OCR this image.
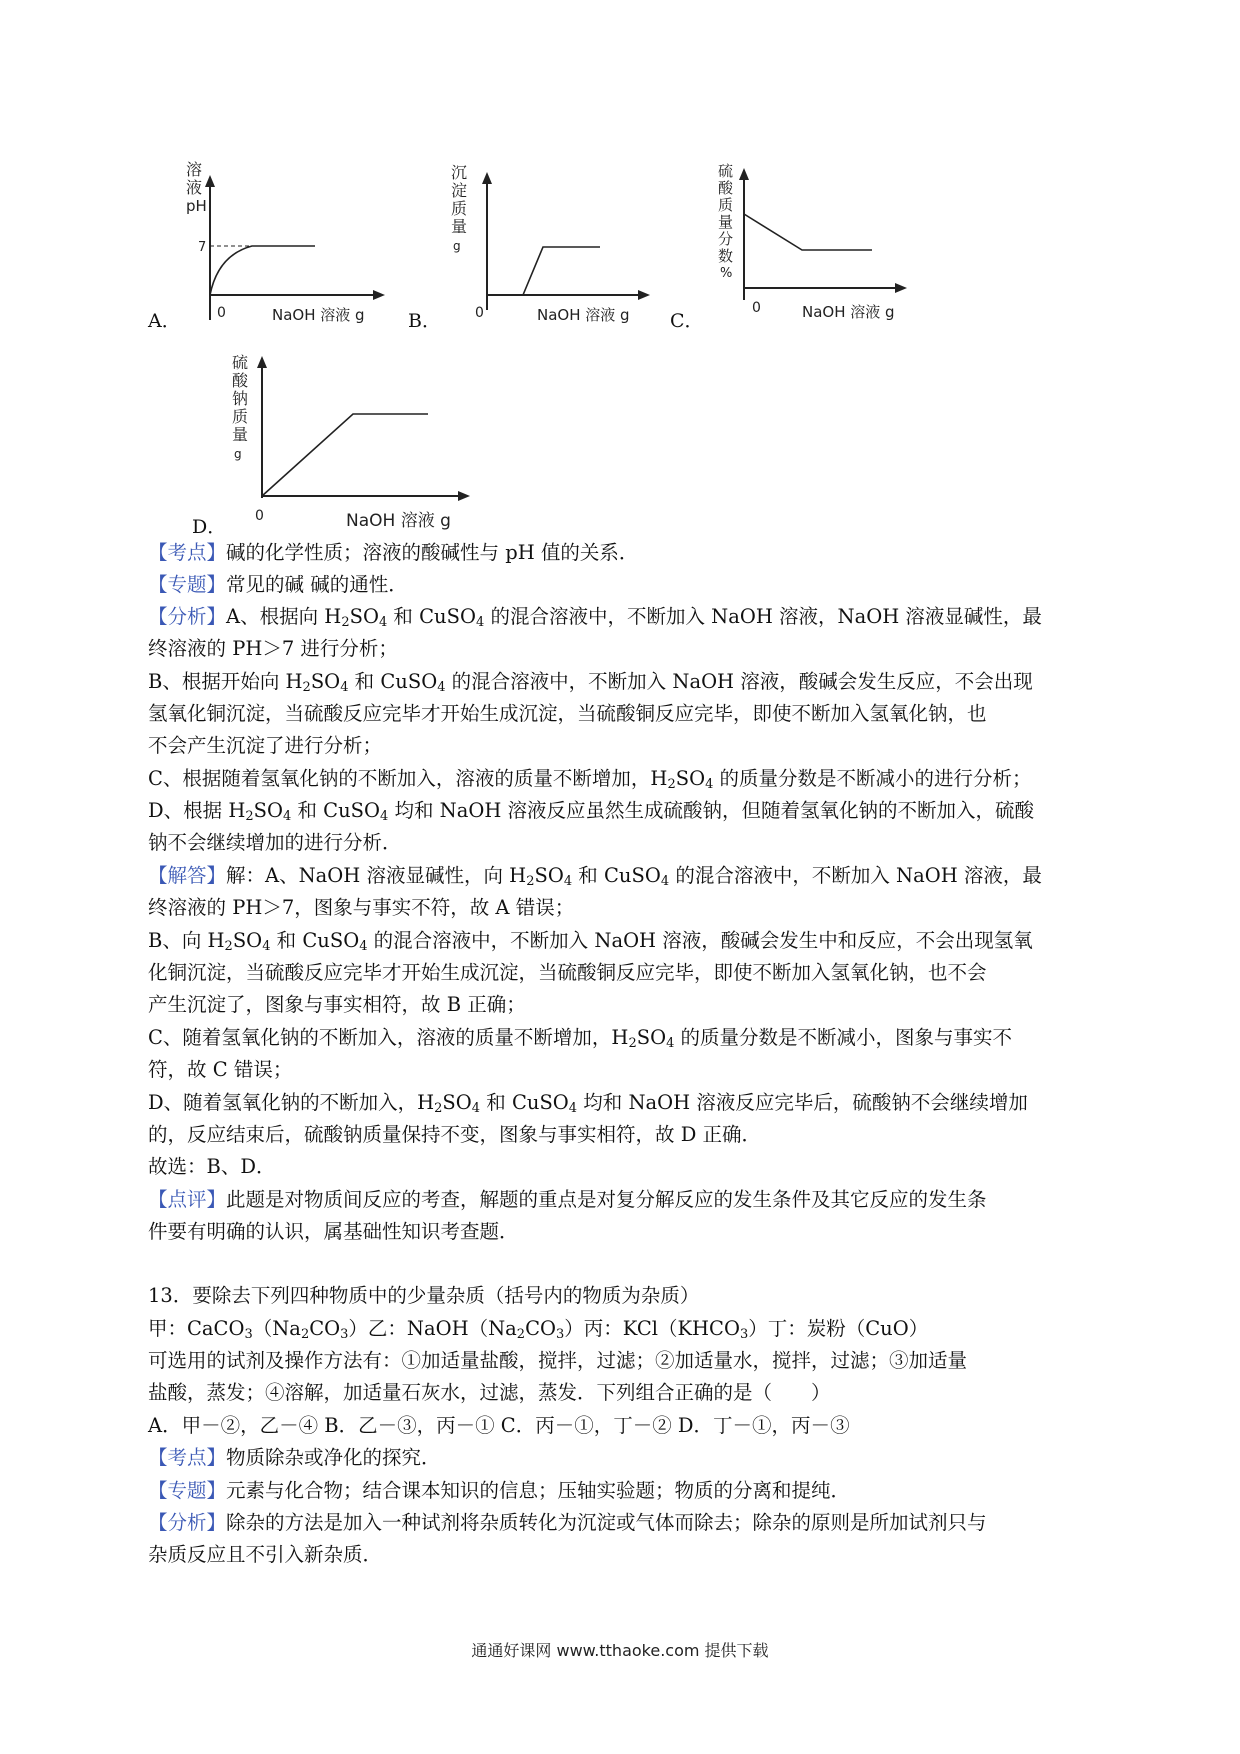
A．
溶
液
pH
7
0	NaOH 溶液 g B．
沉
淀
质
量
g
0	NaOH 溶液 g C．
硫
酸
质
量
分
数
%
0	NaOH 溶液 g
D．
硫
酸
钠
质
量
g
0	NaOH 溶液 g
【考点】碱的化学性质；溶液的酸碱性与 pH 值的关系．
【专题】常见的碱 碱的通性．
【分析】A、根据向 $H_2SO_4$ 和 CuSO$_4$ 的混合溶液中，不断加入 NaOH 溶液，NaOH 溶液显碱性，最
终溶液的 PH＞7 进行分析；
B、根据开始向 $H_2SO_4$ 和 CuSO$_4$ 的混合溶液中，不断加入 NaOH 溶液，酸碱会发生反应，不会出现
氢氧化铜沉淀，当硫酸反应完毕才开始生成沉淀，当硫酸铜反应完毕，即使不断加入氢氧化钠，也
不会产生沉淀了进行分析；
C、根据随着氢氧化钠的不断加入，溶液的质量不断增加，$H_2SO_4$ 的质量分数是不断减小的进行分析；
D、根据 $H_2SO_4$ 和 CuSO$_4$ 均和 NaOH 溶液反应虽然生成硫酸钠，但随着氢氧化钠的不断加入，硫酸
钠不会继续增加的进行分析．
【解答】解：A、NaOH 溶液显碱性，向 $H_2SO_4$ 和 CuSO$_4$ 的混合溶液中，不断加入 NaOH 溶液，最
终溶液的 PH＞7，图象与事实不符，故 A 错误；
B、向 $H_2SO_4$ 和 CuSO$_4$ 的混合溶液中，不断加入 NaOH 溶液，酸碱会发生中和反应，不会出现氢氧
化铜沉淀，当硫酸反应完毕才开始生成沉淀，当硫酸铜反应完毕，即使不断加入氢氧化钠，也不会
产生沉淀了，图象与事实相符，故 B 正确；
C、随着氢氧化钠的不断加入，溶液的质量不断增加，$H_2SO_4$ 的质量分数是不断减小，图象与事实不
符，故 C 错误；
D、随着氢氧化钠的不断加入，$H_2SO_4$ 和 CuSO$_4$ 均和 NaOH 溶液反应完毕后，硫酸钠不会继续增加
的，反应结束后，硫酸钠质量保持不变，图象与事实相符，故 D 正确．
故选：B、D．
【点评】此题是对物质间反应的考查，解题的重点是对复分解反应的发生条件及其它反应的发生条
件要有明确的认识，属基础性知识考查题．
13．要除去下列四种物质中的少量杂质（括号内的物质为杂质）
甲：$CaCO_3(Na_2CO_3)$乙：$NaOH(Na_2CO_3)$丙：$KCl(KHCO_3)$丁：炭粉（CuO）
可选用的试剂及操作方法有：①加适量盐酸，搅拌，过滤；②加适量水，搅拌，过滤；③加适量
盐酸，蒸发；④溶解，加适量石灰水，过滤，蒸发．下列组合正确的是（　　）
A．甲－②，乙－④ B．乙－③，丙－① C．丙－①，丁－② D．丁－①，丙－③
【考点】物质除杂或净化的探究．
【专题】元素与化合物；结合课本知识的信息；压轴实验题；物质的分离和提纯．
【分析】除杂的方法是加入一种试剂将杂质转化为沉淀或气体而除去；除杂的原则是所加试剂只与
杂质反应且不引入新杂质．
通通好课网 www.tthaoke.com 提供下载
